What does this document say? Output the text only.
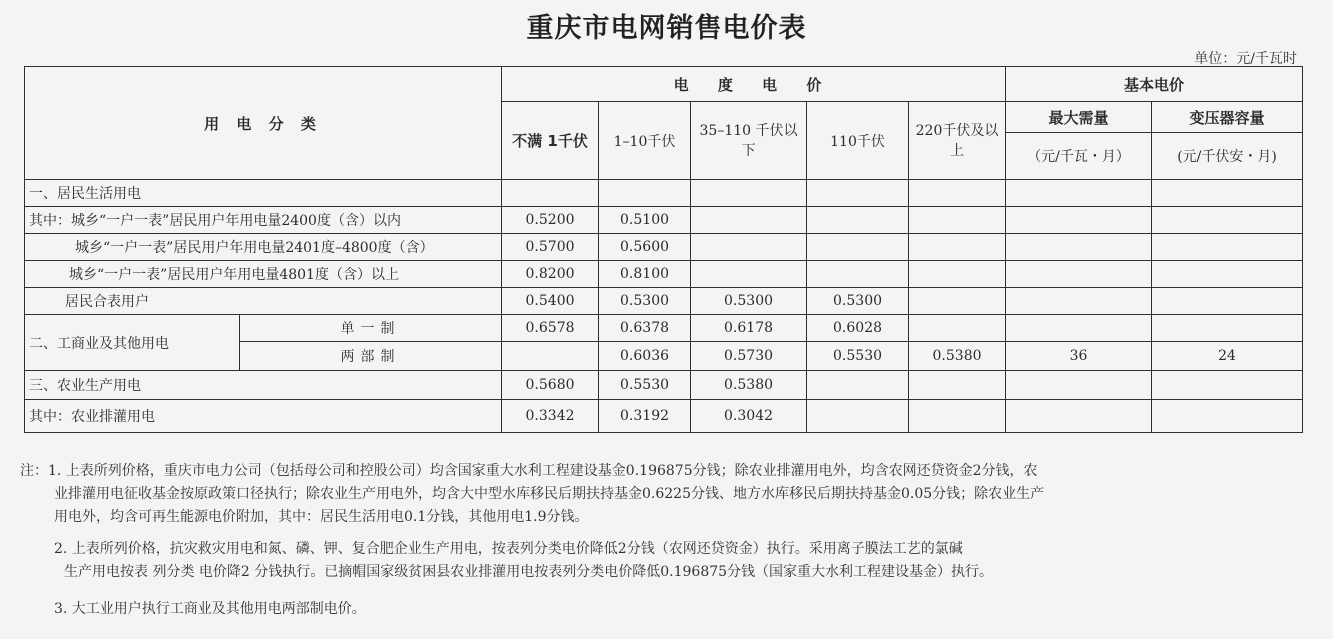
重庆市电网销售电价表
单位：元/千瓦时
用 电 分 类		电 度 电 价					基本电价	
		不满 1千伏	1–10千伏	35–110 千伏以下	110千伏	220千伏及以上	最大需量	变压器容量
							（元/千瓦・月）	(元/千伏安・月)
一、居民生活用电								
其中：城乡“一户一表”居民用户年用电量2400度（含）以内		0.5200	0.5100					
城乡“一户一表”居民用户年用电量2401度–4800度（含）		0.5700	0.5600					
城乡“一户一表”居民用户年用电量4801度（含）以上		0.8200	0.8100					
居民合表用户		0.5400	0.5300	0.5300	0.5300			
二、工商业及其他用电	单一制	0.6578	0.6378	0.6178	0.6028			
	两部制		0.6036	0.5730	0.5530	0.5380	36	24
三、农业生产用电		0.5680	0.5530	0.5380				
其中：农业排灌用电		0.3342	0.3192	0.3042				

注：1. 上表所列价格，重庆市电力公司（包括母公司和控股公司）均含国家重大水利工程建设基金0.196875分钱；除农业排灌用电外，均含农网还贷资金2分钱，农

业排灌用电征收基金按原政策口径执行；除农业生产用电外，均含大中型水库移民后期扶持基金0.6225分钱、地方水库移民后期扶持基金0.05分钱；除农业生产

用电外，均含可再生能源电价附加，其中：居民生活用电0.1分钱，其他用电1.9分钱。

2. 上表所列价格，抗灾救灾用电和氮、磷、钾、复合肥企业生产用电，按表列分类电价降低2分钱（农网还贷资金）执行。采用离子膜法工艺的氯碱

生产用电按表 列分类 电价降2 分钱执行。已摘帽国家级贫困县农业排灌用电按表列分类电价降低0.196875分钱（国家重大水利工程建设基金）执行。

3. 大工业用户执行工商业及其他用电两部制电价。
